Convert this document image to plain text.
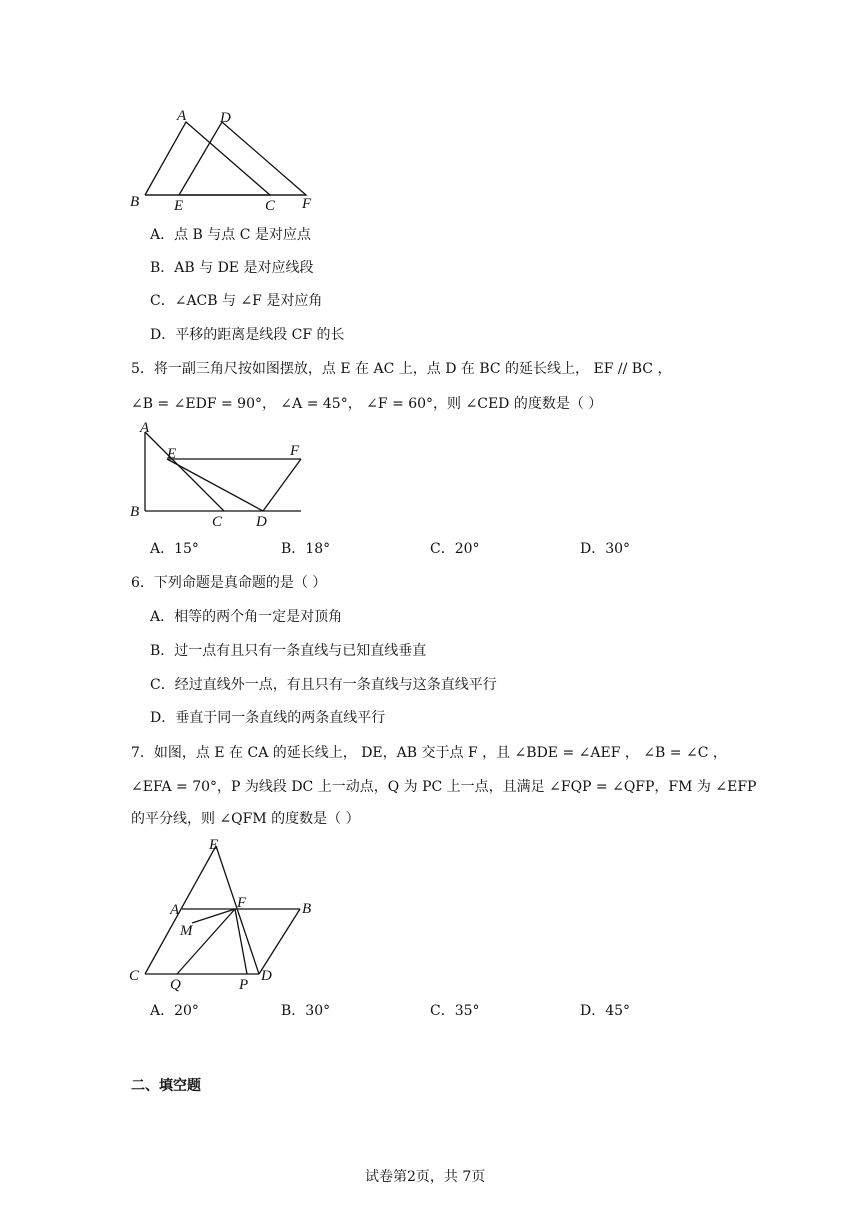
A D
B E	C F
A．点 B 与点 C 是对应点
B．AB 与 DE 是对应线段
C．∠ACB 与 ∠F 是对应角
D．平移的距离是线段 CF 的长
5．将一副三角尺按如图摆放，点 E 在 AC 上，点 D 在 BC 的延长线上， EF // BC ，
∠B = ∠EDF = 90°， ∠A = 45°， ∠F = 60°，则 ∠CED 的度数是（ ）
A
E	F
B
C D
A．15°	B．18°	C．20°	D．30°
6．下列命题是真命题的是（ ）
A．相等的两个角一定是对顶角
B．过一点有且只有一条直线与已知直线垂直
C．经过直线外一点，有且只有一条直线与这条直线平行
D．垂直于同一条直线的两条直线平行
7．如图，点 E 在 CA 的延长线上， DE，AB 交于点 F ，且 ∠BDE = ∠AEF ， ∠B = ∠C ，
∠EFA = 70°，P 为线段 DC 上一动点，Q 为 PC 上一点，且满足 ∠FQP = ∠QFP，FM 为 ∠EFP
的平分线，则 ∠QFM 的度数是（ ）
E
A	F	B
M
C
Q	P
D
A．20°	B．30°	C．35°	D．45°
二、填空题
试卷第2页，共 7页
